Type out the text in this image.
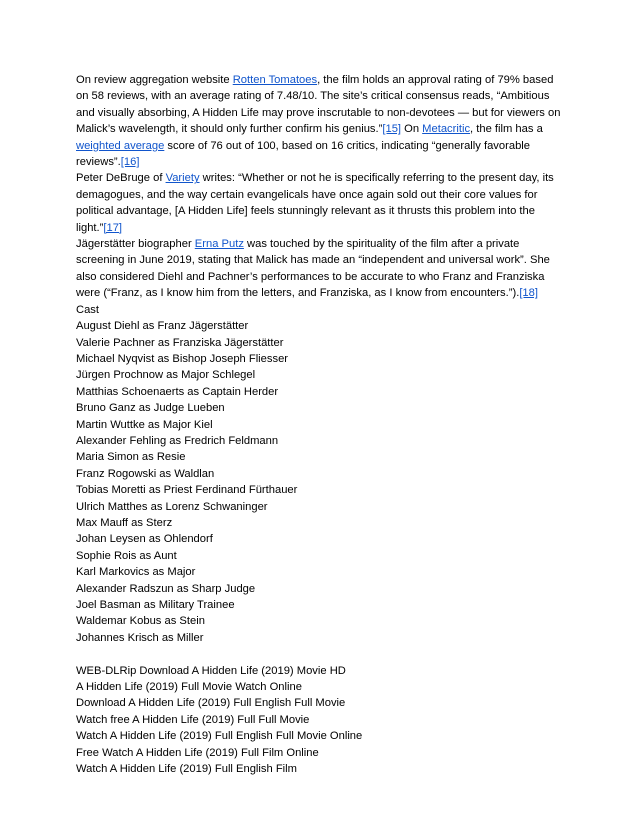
On review aggregation website Rotten Tomatoes, the film holds an approval rating of 79% based on 58 reviews, with an average rating of 7.48/10. The site’s critical consensus reads, “Ambitious and visually absorbing, A Hidden Life may prove inscrutable to non-devotees — but for viewers on Malick’s wavelength, it should only further confirm his genius.”[15] On Metacritic, the film has a weighted average score of 76 out of 100, based on 16 critics, indicating “generally favorable reviews”.[16]

Peter DeBruge of Variety writes: “Whether or not he is specifically referring to the present day, its demagogues, and the way certain evangelicals have once again sold out their core values for political advantage, [A Hidden Life] feels stunningly relevant as it thrusts this problem into the light.”[17]

Jägerstätter biographer Erna Putz was touched by the spirituality of the film after a private screening in June 2019, stating that Malick has made an “independent and universal work”. She also considered Diehl and Pachner’s performances to be accurate to who Franz and Franziska were (“Franz, as I know him from the letters, and Franziska, as I know from encounters.”).[18]

Cast

August Diehl as Franz Jägerstätter

Valerie Pachner as Franziska Jägerstätter

Michael Nyqvist as Bishop Joseph Fliesser

Jürgen Prochnow as Major Schlegel

Matthias Schoenaerts as Captain Herder

Bruno Ganz as Judge Lueben

Martin Wuttke as Major Kiel

Alexander Fehling as Fredrich Feldmann

Maria Simon as Resie

Franz Rogowski as Waldlan

Tobias Moretti as Priest Ferdinand Fürthauer

Ulrich Matthes as Lorenz Schwaninger

Max Mauff as Sterz

Johan Leysen as Ohlendorf

Sophie Rois as Aunt

Karl Markovics as Major

Alexander Radszun as Sharp Judge

Joel Basman as Military Trainee

Waldemar Kobus as Stein

Johannes Krisch as Miller

WEB-DLRip Download A Hidden Life (2019) Movie HD

A Hidden Life (2019) Full Movie Watch Online

Download A Hidden Life (2019) Full English Full Movie

Watch free A Hidden Life (2019) Full Full Movie

Watch A Hidden Life (2019) Full English Full Movie Online

Free Watch A Hidden Life (2019) Full Film Online

Watch A Hidden Life (2019) Full English Film
